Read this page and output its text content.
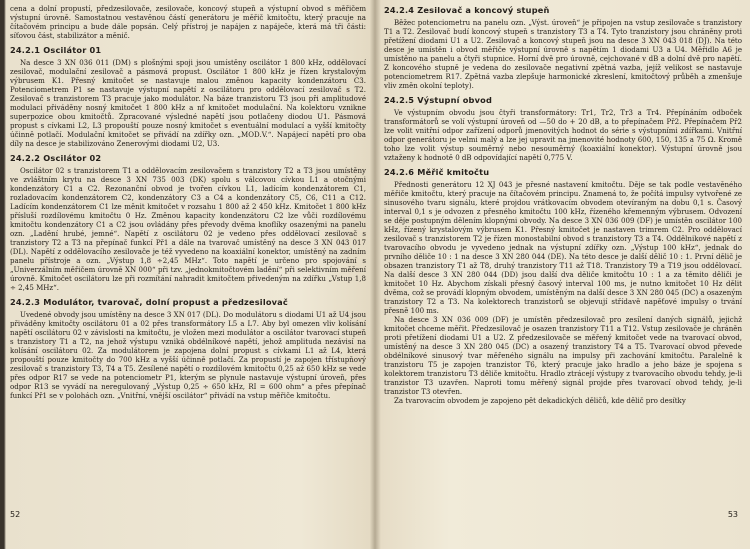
cena a dolní propustí, předzesilovače, zesilovače, koncový stupeň a výstupní obvod s měřičem výstupní úrovně. Samostatnou vestavěnou částí generátoru je měřič kmitočtu, který pracuje na čítačovém principu a bude dále popsán. Celý přístroj je napájen z napáječe, která má tři části: síťovou část, stabilizátor a měnič.

24.2.1 Oscilátor 01

Na desce 3 XN 036 011 (DM) s plošnými spoji jsou umístěny oscilátor 1 800 kHz, oddělovací zesilovač, modulační zesilovač a pásmová propust. Oscilátor 1 800 kHz je řízen krystalovým výbrusem K1. Přesný kmitočet se nastavuje malou změnou kapacity kondenzátoru C3. Potenciometrem P1 se nastavuje výstupní napětí z oscilátoru pro oddělovací zesilovač s T2. Zesilovač s tranzistorem T3 pracuje jako modulátor. Na báze tranzistoru T3 jsou při amplitudové modulaci přiváděny nosný kmitočet 1 800 kHz a nf kmitočet modulační. Na kolektoru vznikne superpozice obou kmitočtů. Zpracované výsledné napětí jsou potlačeny diodou U1. Pásmová propust s cívkami L2, L3 propouští pouze nosný kmitočet s eventuální modulací a vyšší kmitočty účinně potlačí. Modulační kmitočet se přivádí na zdířky ozn. „MOD.V.“. Napájecí napětí pro oba díly na desce je stabilizováno Zenerovými diodami U2, U3.

24.2.2 Oscilátor 02

Oscilátor 02 s tranzistorem T1 a oddělovacím zesilovačem s tranzistory T2 a T3 jsou umístěny ve zvláštním krytu na desce 3 XN 735 003 (DK) spolu s válcovou cívkou L1 a otočnými kondenzátory C1 a C2. Rezonanční obvod je tvořen cívkou L1, ladícím kondenzátorem C1, rozladovacím kondenzátorem C2, kondenzátory C3 a C4 a kondenzátory C5, C6, C11 a C12. Ladícím kondenzátorem C1 lze měnit kmitočet v rozsahu 1 800 až 2 450 kHz. Kmitočet 1 800 kHz přísluší rozdílovému kmitočtu 0 Hz. Změnou kapacity kondenzátoru C2 lze vůči rozdílovému kmitočtu kondenzátory C1 a C2 jsou ovládány přes převody dvěma knoflíky osazenými na panelu ozn. „Ladění hrubé, jemné“. Napětí z oscilátoru 02 je vedeno přes oddělovací zesilovač s tranzistory T2 a T3 na přepínač funkcí Př1 a dále na tvarovač umístěný na desce 3 XN 043 017 (DL). Napětí z oddělovacího zesilovače je též vyvedeno na koaxiální konektor, umístěný na zadním panelu přístroje a ozn. „Výstup 1,8 ÷2,45 MHz“. Toto napětí je určeno pro spojování s „Univerzálním měřičem úrovně XN 000“ při tzv. „jednokmitočtovém ladění“ při selektivním měření úrovně. Kmitočet oscilátoru lze při rozmítání nahradit kmitočtem přivedeným na zdířku „Vstup 1,8 ÷ 2,45 MHz“.

24.2.3 Modulátor, tvarovač, dolní propust a předzesilovač

Uvedené obvody jsou umístěny na desce 3 XN 017 (DL). Do modulátoru s diodami U1 až U4 jsou přiváděny kmitočty oscilátoru 01 a 02 přes transformátory L5 a L7. Aby byl omezen vliv kolísání napětí oscilátoru 02 v závislosti na kmitočtu, je vložen mezi modulátor a oscilátor tvarovací stupeň s tranzistory T1 a T2, na jehož výstupu vzniká obdélníkové napětí, jehož amplituda nezávisí na kolísání oscilátoru 02. Za modulátorem je zapojena dolní propust s cívkami L1 až L4, která propouští pouze kmitočty do 700 kHz a vyšší účinně potlačí. Za propustí je zapojen třístupňový zesilovač s tranzistory T3, T4 a T5. Zesílené napětí o rozdílovém kmitočtu 0,25 až 650 kHz se vede přes odpor R17 se vede na potenciometr P1, kterým se plynule nastavuje výstupní úroveň, přes odpor R13 se vyvádí na neregulovaný „Výstup 0,25 ÷ 650 kHz, RI = 600 ohm“ a přes přepínač funkcí Př1 se v polohách ozn. „Vnitřní, vnější oscilátor“ přivádí na vstup měřiče kmitočtu.

52
24.2.4 Zesilovač a koncový stupeň

Běžec potenciometru na panelu ozn. „Výst. úroveň“ je připojen na vstup zesilovače s tranzistory T1 a T2. Zesilovač budí koncový stupeň s tranzistory T3 a T4. Tyto tranzistory jsou chráněny proti přetížení diodami U1 a U2. Zesilovač a koncový stupeň jsou na desce 3 XN 043 018 (DJ). Na této desce je umístěn i obvod měřiče výstupní úrovně s napětím 1 diodami U3 a U4. Měřidlo A6 je umístěno na panelu a čtyři stupnice. Horní dvě pro úrovně, cejchované v dB a dolní dvě pro napětí. Z koncového stupně je vedena do zesilovače negativní zpětná vazba, jejíž velikost se nastavuje potenciometrem R17. Zpětná vazba zlepšuje harmonické zkreslení, kmitočtový průběh a zmenšuje vliv změn okolní teploty).

24.2.5 Výstupní obvod

Ve výstupním obvodu jsou čtyři transformátory: Tr1, Tr2, Tr3 a Tr4. Přepínáním odboček transformátorů se volí výstupní úroveň od —50 do + 20 dB, a to přepínačem Př2. Přepínačem Př2 lze volit vnitřní odpor zařízení odporů jmenovitých hodnot do série s výstupními zdířkami. Vnitřní odpor generátoru je velmi malý a lze jej upravit na jmenovité hodnoty 600, 150, 135 a 75 Ω. Kromě toho lze volit výstup souměrný nebo nesouměrný (koaxiální konektor). Výstupní úrovně jsou vztaženy k hodnotě 0 dB odpovídající napětí 0,775 V.

24.2.6 Měřič kmitočtu

Přednosti generátoru 12 XJ 043 je přesné nastavení kmitočtu. Děje se tak podle vestavěného měřiče kmitočtu, který pracuje na čítačovém principu. Znamená to, že počítá impulsy vytvořené ze sinusového tvaru signálu, které projdou vrátkovacím obvodem otevíraným na dobu 0,1 s. Časový interval 0,1 s je odvozen z přesného kmitočtu 100 kHz, řízeného křemenným výbrusem. Odvození se děje postupným dělením klopnými obvody. Na desce 3 XN 036 009 (DF) je umístěn oscilátor 100 kHz, řízený krystalovým výbrusem K1. Přesný kmitočet je nastaven trimrem C2. Pro oddělovací zesilovač s tranzistorem T2 je řízen monostabilní obvod s tranzistory T3 a T4. Oddělnikové napětí z tvarovacího obvodu je vyvedeno jednak na výstupní zdířky ozn. „Výstup 100 kHz“, jednak do prvního děliče 10 : 1 na desce 3 XN 280 044 (DE). Na této desce je další dělič 10 : 1. První dělič je obsazen tranzistory T1 až T8, druhý tranzistory T11 až T18. Tranzistory T9 a T19 jsou oddělovací. Na další desce 3 XN 280 044 (DD) jsou další dva děliče kmitočtu 10 : 1 a za těmito děliči je kmitočet 10 Hz. Abychom získali přesný časový interval 100 ms, je nutno kmitočet 10 Hz dělit dvěma, což se provádí klopným obvodem, umístěným na další desce 3 XN 280 045 (DC) a osazeným tranzistory T2 a T3. Na kolektorech tranzistorů se objevují střídavě napěťové impulsy o trvání přesně 100 ms.

Na desce 3 XN 036 009 (DF) je umístěn předzesilovač pro zesílení daných signálů, jejichž kmitočet chceme měřit. Předzesilovač je osazen tranzistory T11 a T12. Vstup zesilovače je chráněn proti přetížení diodami U1 a U2. Z předzesilovače se měřený kmitočet vede na tvarovací obvod, umístěný na desce 3 XN 280 045 (DC) a osazený tranzistory T4 a T5. Tvarovací obvod převede obdélníkové sinusový tvar měřeného signálu na impulsy při zachování kmitočtu. Paralelně k tranzistoru T5 je zapojen tranzistor T6, který pracuje jako hradlo a jeho báze je spojena s kolektorem tranzistoru T3 děliče kmitočtu. Hradlo ztrácejí výstupy z tvarovacího obvodu tehdy, je-li tranzistor T3 uzavřen. Naproti tomu měřený signál projde přes tvarovací obvod tehdy, je-li tranzistor T3 otevřen.

Za tvarovacím obvodem je zapojeno pět dekadických děličů, kde dělič pro desítky

53
